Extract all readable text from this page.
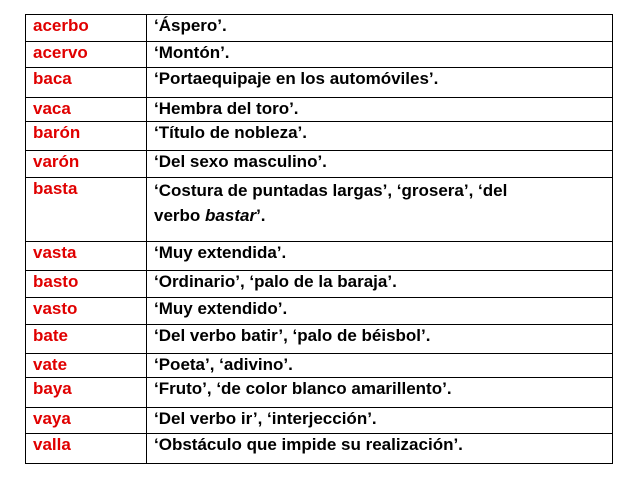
acerbo	‘Áspero’.
acervo	‘Montón’.
baca	‘Portaequipaje en los automóviles’.
vaca	‘Hembra del toro’.
barón	‘Título de nobleza’.
varón	‘Del sexo masculino’.
basta	‘Costura de puntadas largas’, ‘grosera’, ‘del
verbo bastar’.
vasta	‘Muy extendida’.
basto	‘Ordinario’, ‘palo de la baraja’.
vasto	‘Muy extendido’.
bate	‘Del verbo batir’, ‘palo de béisbol’.
vate	‘Poeta’, ‘adivino’.
baya	‘Fruto’, ‘de color blanco amarillento’.
vaya	‘Del verbo ir’, ‘interjección’.
valla	‘Obstáculo que impide su realización’.
